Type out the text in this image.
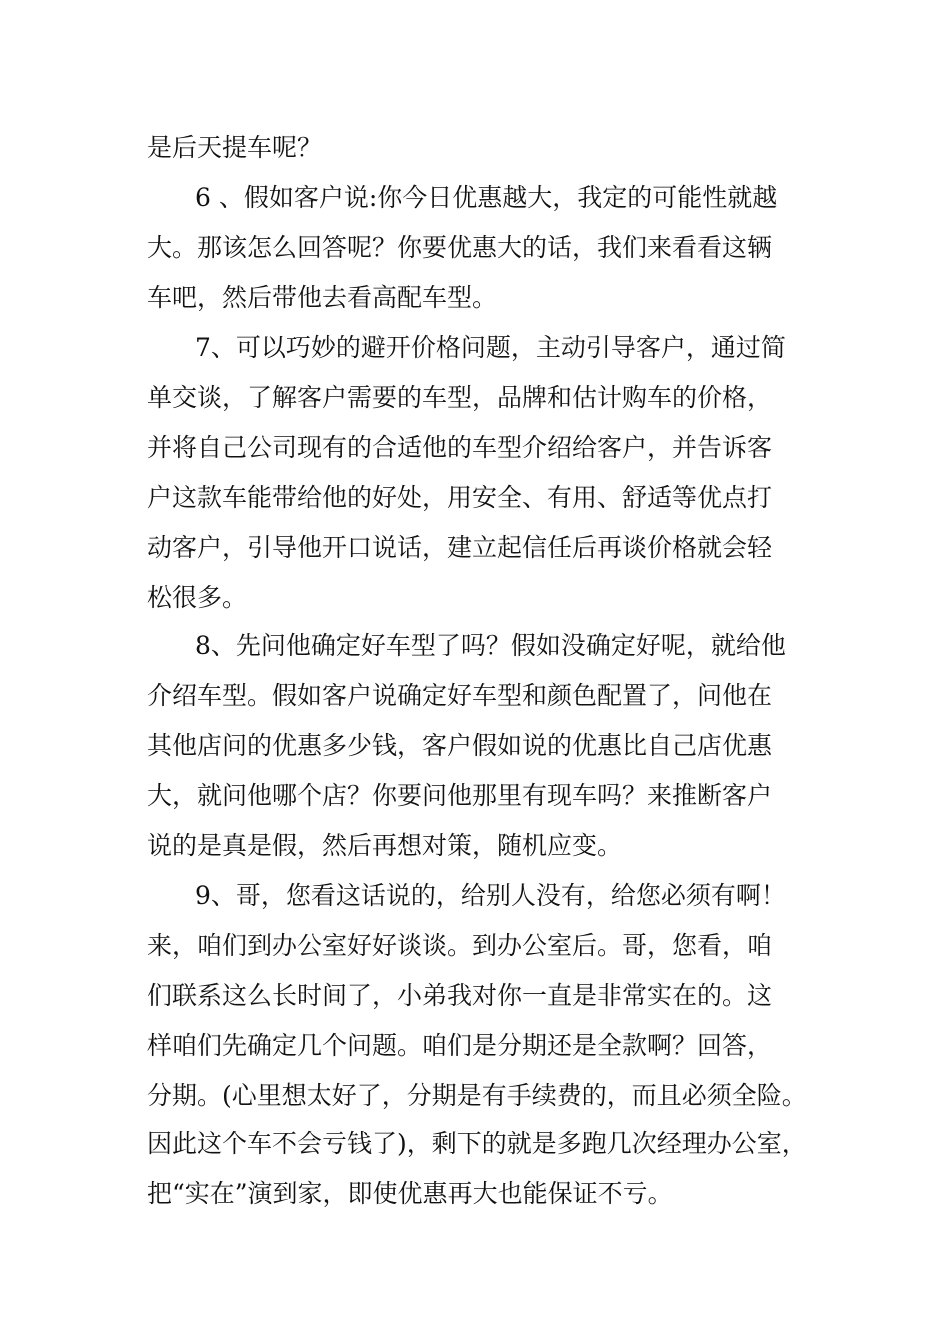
是后天提车呢？
6 、假如客户说:你今日优惠越大，我定的可能性就越
大。那该怎么回答呢？你要优惠大的话，我们来看看这辆
车吧，然后带他去看高配车型。
7、可以巧妙的避开价格问题，主动引导客户，通过简
单交谈，了解客户需要的车型，品牌和估计购车的价格，
并将自己公司现有的合适他的车型介绍给客户，并告诉客
户这款车能带给他的好处，用安全、有用、舒适等优点打
动客户，引导他开口说话，建立起信任后再谈价格就会轻
松很多。
8、先问他确定好车型了吗？假如没确定好呢，就给他
介绍车型。假如客户说确定好车型和颜色配置了，问他在
其他店问的优惠多少钱，客户假如说的优惠比自己店优惠
大，就问他哪个店？你要问他那里有现车吗？来推断客户
说的是真是假，然后再想对策，随机应变。
9、哥，您看这话说的，给别人没有，给您必须有啊！
来，咱们到办公室好好谈谈。到办公室后。哥，您看，咱
们联系这么长时间了，小弟我对你一直是非常实在的。这
样咱们先确定几个问题。咱们是分期还是全款啊？回答，
分期。(心里想太好了，分期是有手续费的，而且必须全险。
因此这个车不会亏钱了)，剩下的就是多跑几次经理办公室，
把“实在”演到家，即使优惠再大也能保证不亏。
